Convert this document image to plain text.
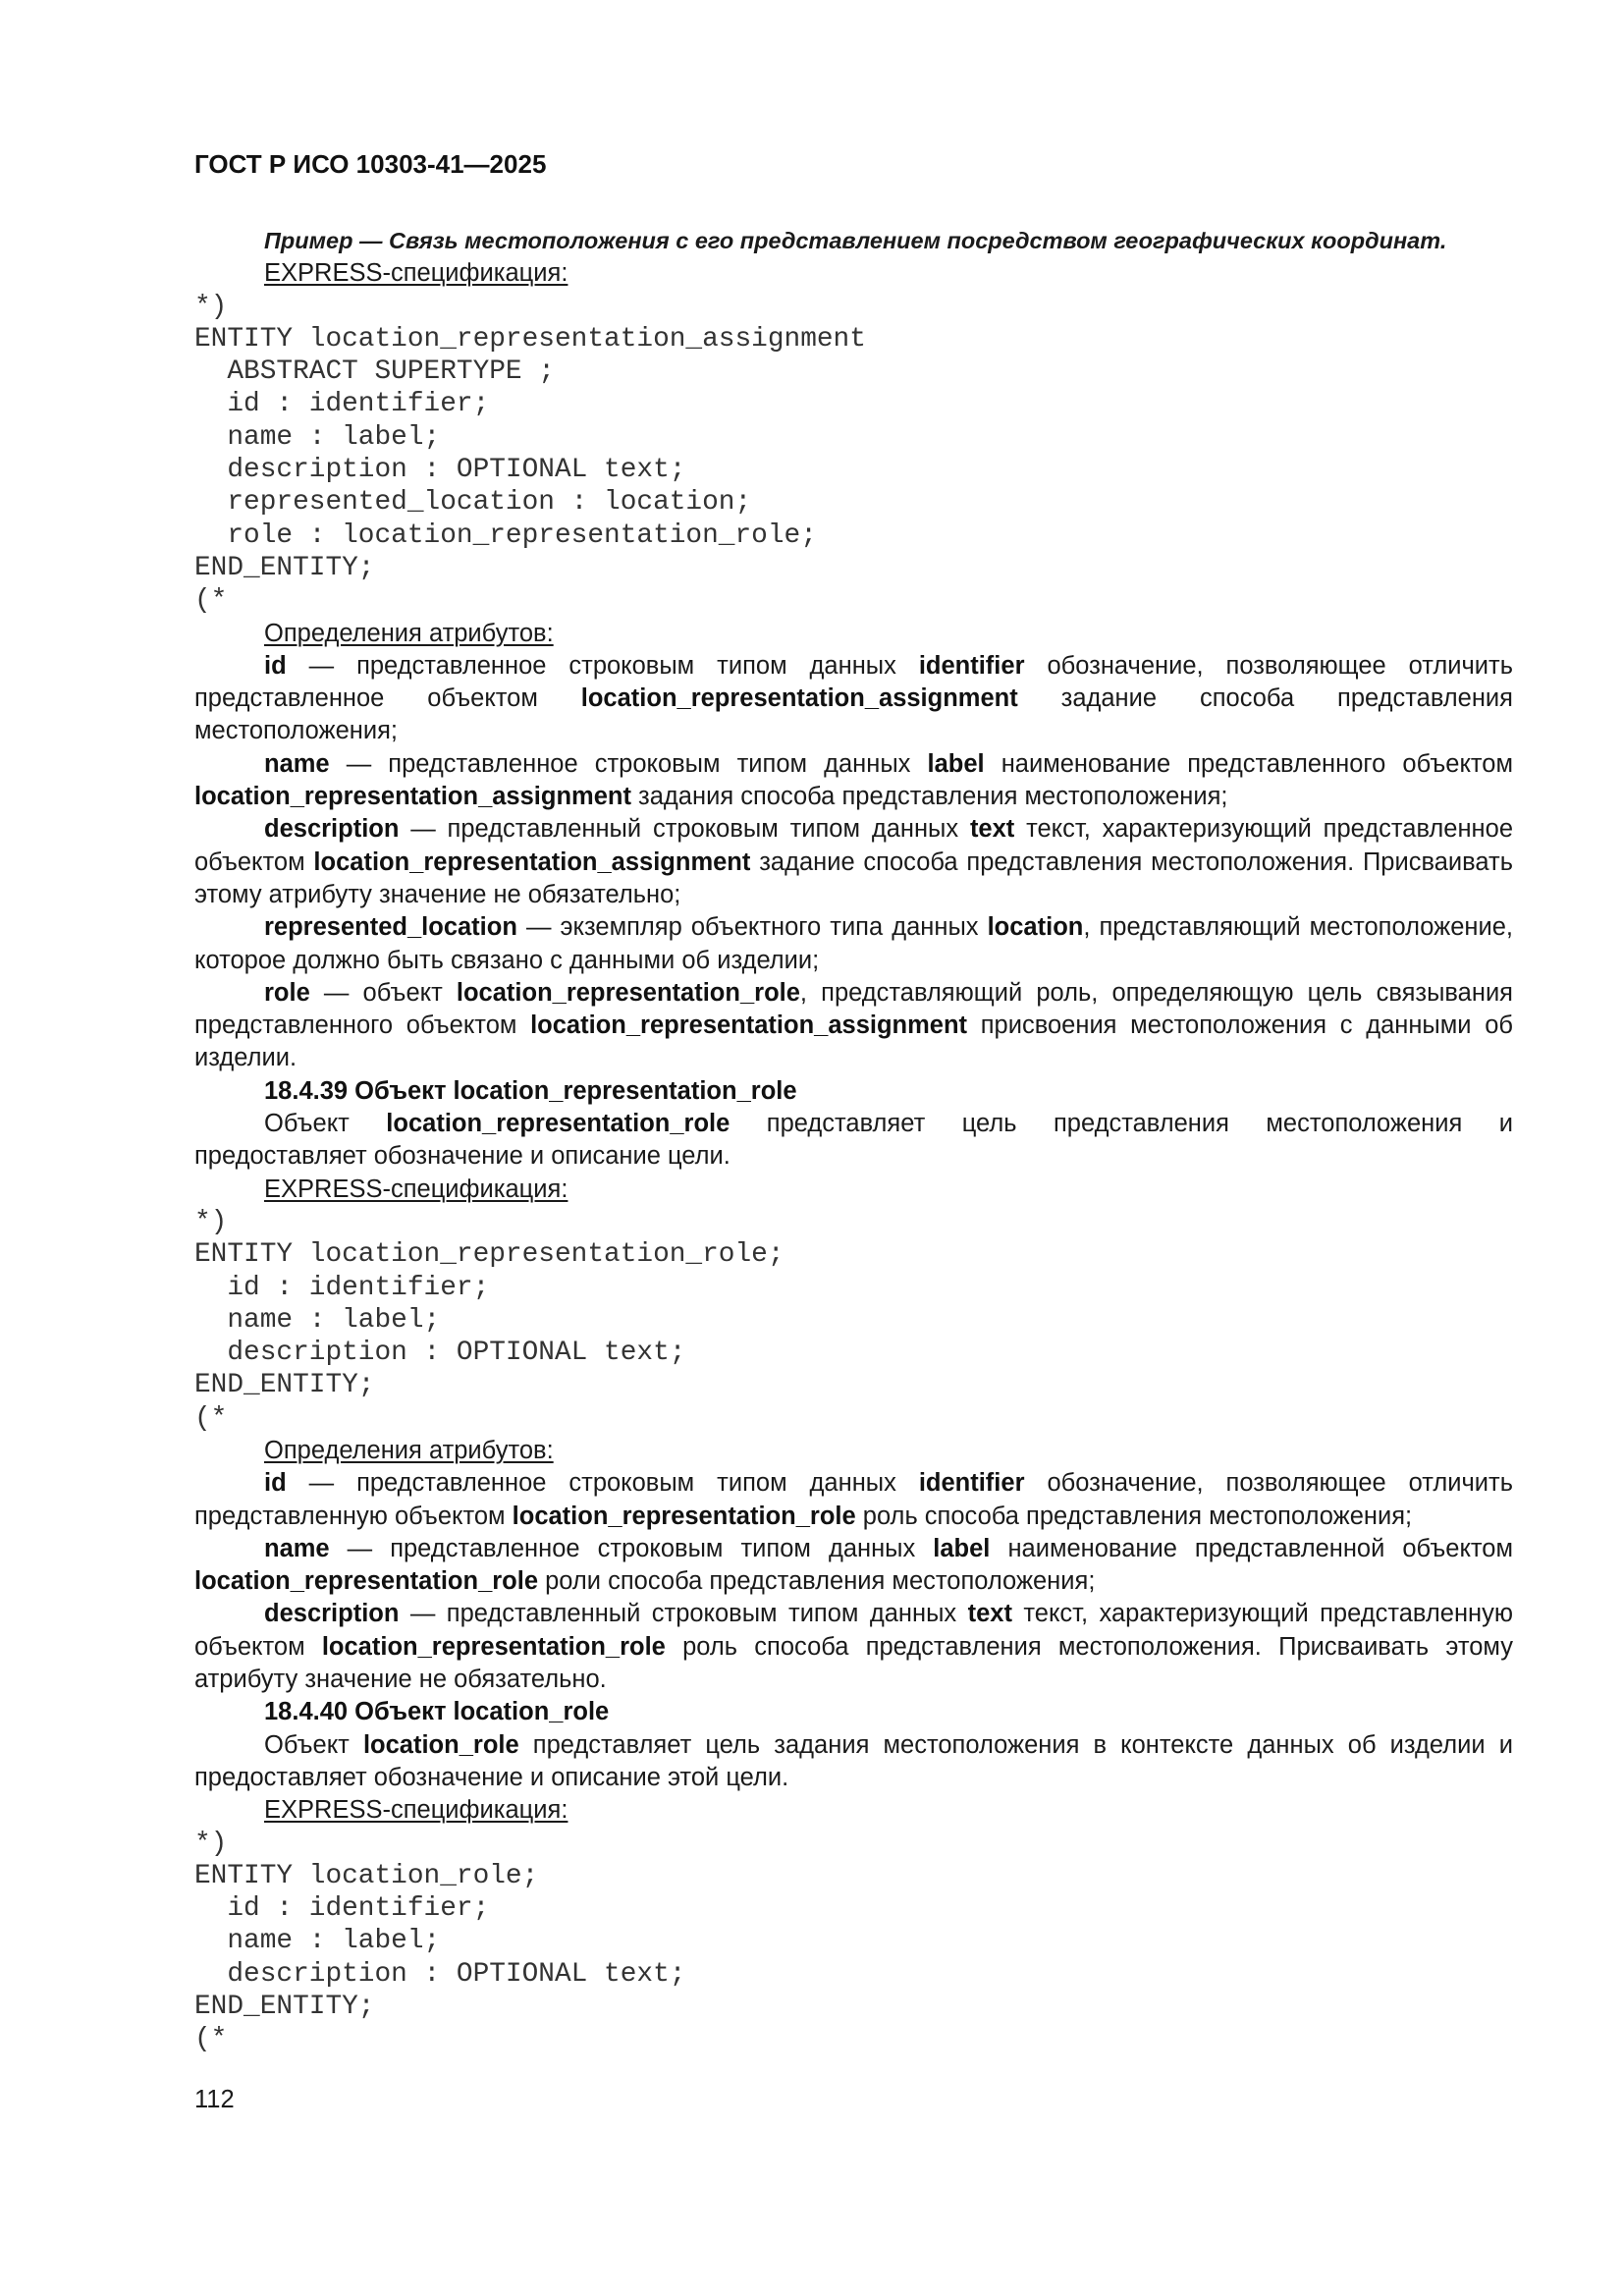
ГОСТ Р ИСО 10303-41—2025

Пример — Связь местоположения с его представлением посредством географических координат.

EXPRESS-спецификация:

*)
ENTITY location_representation_assignment
ABSTRACT SUPERTYPE ;
id : identifier;
name : label;
description : OPTIONAL text;
represented_location : location;
role : location_representation_role;
END_ENTITY;
(*

Определения атрибутов:

id — представленное строковым типом данных identifier обозначение, позволяющее отличить представленное объектом location_representation_assignment задание способа представления местоположения;

name — представленное строковым типом данных label наименование представленного объектом location_representation_assignment задания способа представления местоположения;

description — представленный строковым типом данных text текст, характеризующий представленное объектом location_representation_assignment задание способа представления местоположения. Присваивать этому атрибуту значение не обязательно;

represented_location — экземпляр объектного типа данных location, представляющий местоположение, которое должно быть связано с данными об изделии;

role — объект location_representation_role, представляющий роль, определяющую цель связывания представленного объектом location_representation_assignment присвоения местоположения с данными об изделии.

18.4.39 Объект location_representation_role

Объект location_representation_role представляет цель представления местоположения и предоставляет обозначение и описание цели.

EXPRESS-спецификация:

*)
ENTITY location_representation_role;
id : identifier;
name : label;
description : OPTIONAL text;
END_ENTITY;
(*

Определения атрибутов:

id — представленное строковым типом данных identifier обозначение, позволяющее отличить представленную объектом location_representation_role роль способа представления местоположения;

name — представленное строковым типом данных label наименование представленной объектом location_representation_role роли способа представления местоположения;

description — представленный строковым типом данных text текст, характеризующий представленную объектом location_representation_role роль способа представления местоположения. Присваивать этому атрибуту значение не обязательно.

18.4.40 Объект location_role

Объект location_role представляет цель задания местоположения в контексте данных об изделии и предоставляет обозначение и описание этой цели.

EXPRESS-спецификация:

*)
ENTITY location_role;
id : identifier;
name : label;
description : OPTIONAL text;
END_ENTITY;
(*

112
